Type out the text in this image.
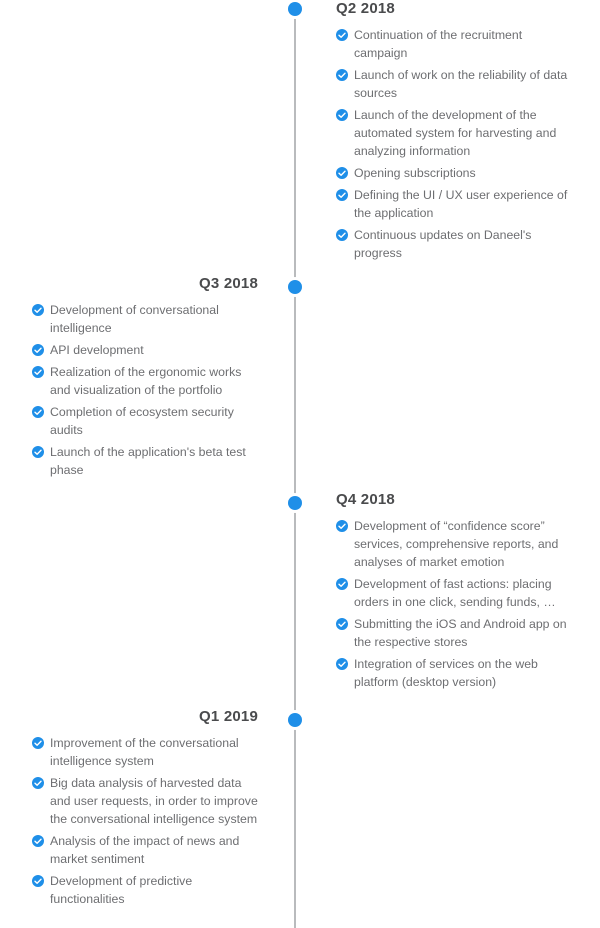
Q2 2018
Continuation of the recruitment campaign
Launch of work on the reliability of data sources
Launch of the development of the automated system for harvesting and analyzing information
Opening subscriptions
Defining the UI / UX user experience of the application
Continuous updates on Daneel's progress
Q3 2018
Development of conversational intelligence
API development
Realization of the ergonomic works and visualization of the portfolio
Completion of ecosystem security audits
Launch of the application's beta test phase
Q4 2018
Development of “confidence score” services, comprehensive reports, and analyses of market emotion
Development of fast actions: placing orders in one click, sending funds, …
Submitting the iOS and Android app on the respective stores
Integration of services on the web platform (desktop version)
Q1 2019
Improvement of the conversational intelligence system
Big data analysis of harvested data and user requests, in order to improve the conversational intelligence system
Analysis of the impact of news and market sentiment
Development of predictive functionalities
